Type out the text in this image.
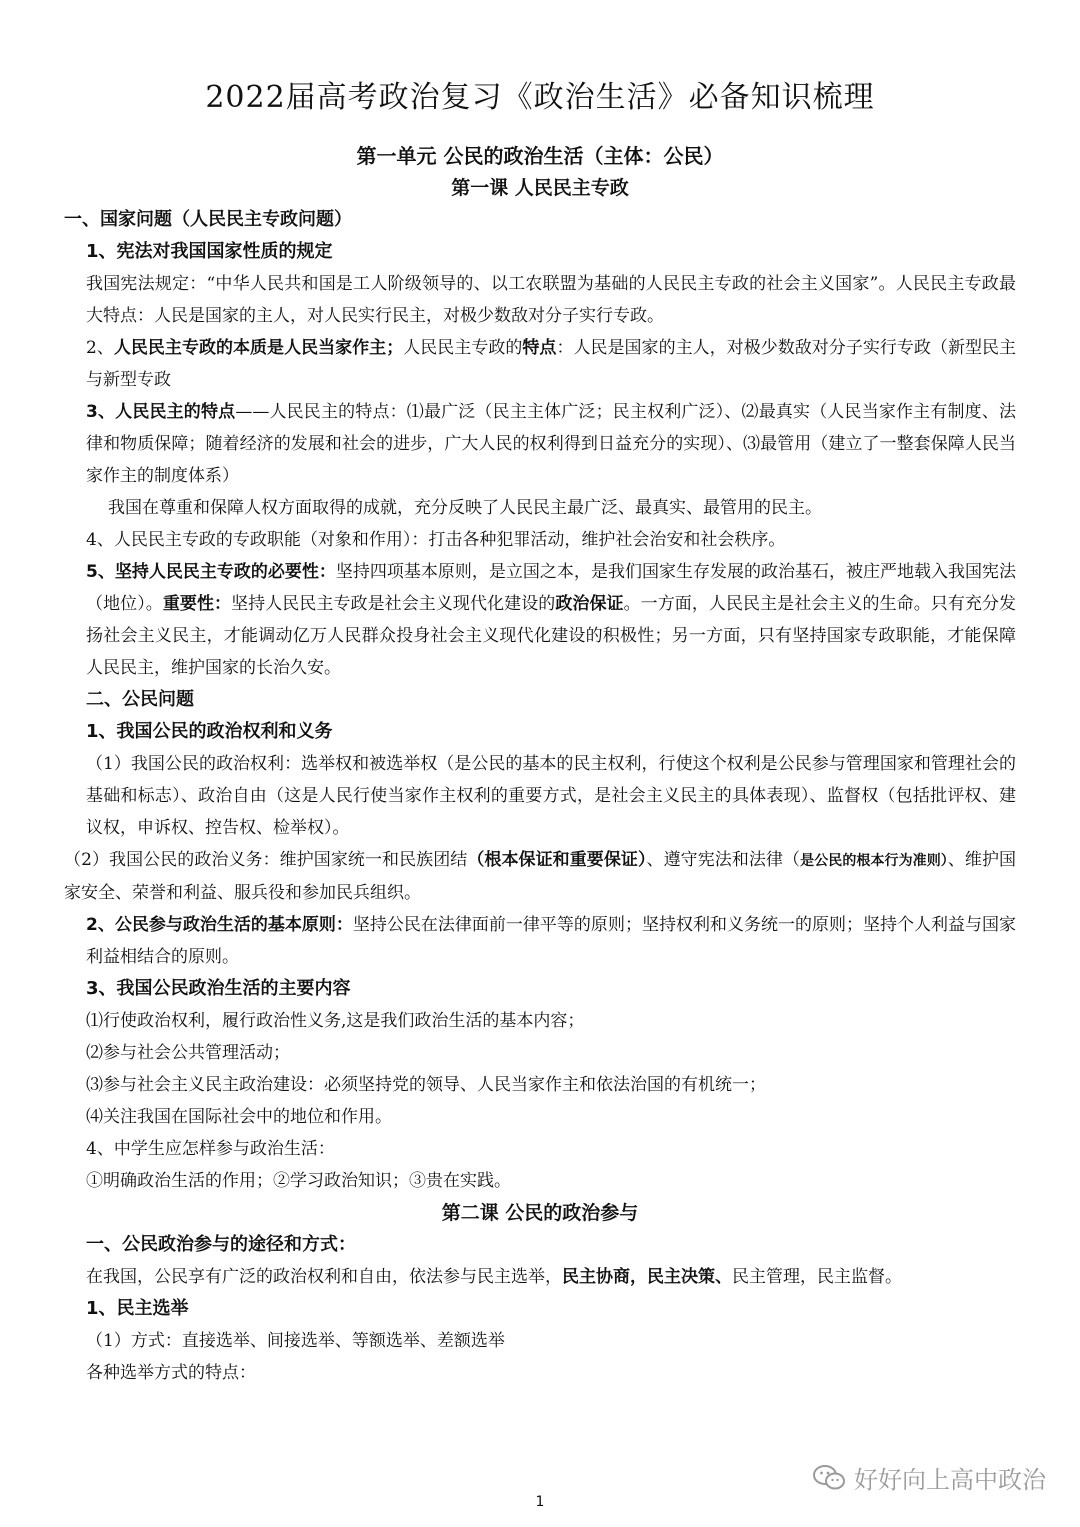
2022届高考政治复习《政治生活》必备知识梳理
第一单元 公民的政治生活（主体：公民）
第一课 人民民主专政
一、国家问题（人民民主专政问题）
1、宪法对我国国家性质的规定
我国宪法规定：“中华人民共和国是工人阶级领导的、以工农联盟为基础的人民民主专政的社会主义国家”。人民民主专政最大特点：人民是国家的主人，对人民实行民主，对极少数敌对分子实行专政。
2、人民民主专政的本质是人民当家作主；人民民主专政的特点：人民是国家的主人，对极少数敌对分子实行专政（新型民主与新型专政
3、人民民主的特点——人民民主的特点：⑴最广泛（民主主体广泛；民主权利广泛）、⑵最真实（人民当家作主有制度、法律和物质保障；随着经济的发展和社会的进步，广大人民的权利得到日益充分的实现）、⑶最管用（建立了一整套保障人民当家作主的制度体系）
我国在尊重和保障人权方面取得的成就，充分反映了人民民主最广泛、最真实、最管用的民主。
4、人民民主专政的专政职能（对象和作用）：打击各种犯罪活动，维护社会治安和社会秩序。
5、坚持人民民主专政的必要性：坚持四项基本原则，是立国之本，是我们国家生存发展的政治基石，被庄严地载入我国宪法（地位）。重要性：坚持人民民主专政是社会主义现代化建设的政治保证。一方面，人民民主是社会主义的生命。只有充分发扬社会主义民主，才能调动亿万人民群众投身社会主义现代化建设的积极性；另一方面，只有坚持国家专政职能，才能保障人民民主，维护国家的长治久安。
二、公民问题
1、我国公民的政治权利和义务
（1）我国公民的政治权利：选举权和被选举权（是公民的基本的民主权利，行使这个权利是公民参与管理国家和管理社会的基础和标志）、政治自由（这是人民行使当家作主权利的重要方式，是社会主义民主的具体表现）、监督权（包括批评权、建议权，申诉权、控告权、检举权）。
（2）我国公民的政治义务：维护国家统一和民族团结（根本保证和重要保证）、遵守宪法和法律（是公民的根本行为准则）、维护国家安全、荣誉和利益、服兵役和参加民兵组织。
2、公民参与政治生活的基本原则：坚持公民在法律面前一律平等的原则；坚持权利和义务统一的原则；坚持个人利益与国家利益相结合的原则。
3、我国公民政治生活的主要内容
⑴行使政治权利，履行政治性义务,这是我们政治生活的基本内容；
⑵参与社会公共管理活动；
⑶参与社会主义民主政治建设：必须坚持党的领导、人民当家作主和依法治国的有机统一；
⑷关注我国在国际社会中的地位和作用。
4、中学生应怎样参与政治生活：
①明确政治生活的作用；②学习政治知识；③贵在实践。
第二课 公民的政治参与
一、公民政治参与的途径和方式：
在我国，公民享有广泛的政治权利和自由，依法参与民主选举，民主协商，民主决策、民主管理，民主监督。
1、民主选举
（1）方式：直接选举、间接选举、等额选举、差额选举
各种选举方式的特点：
好好向上高中政治
1
